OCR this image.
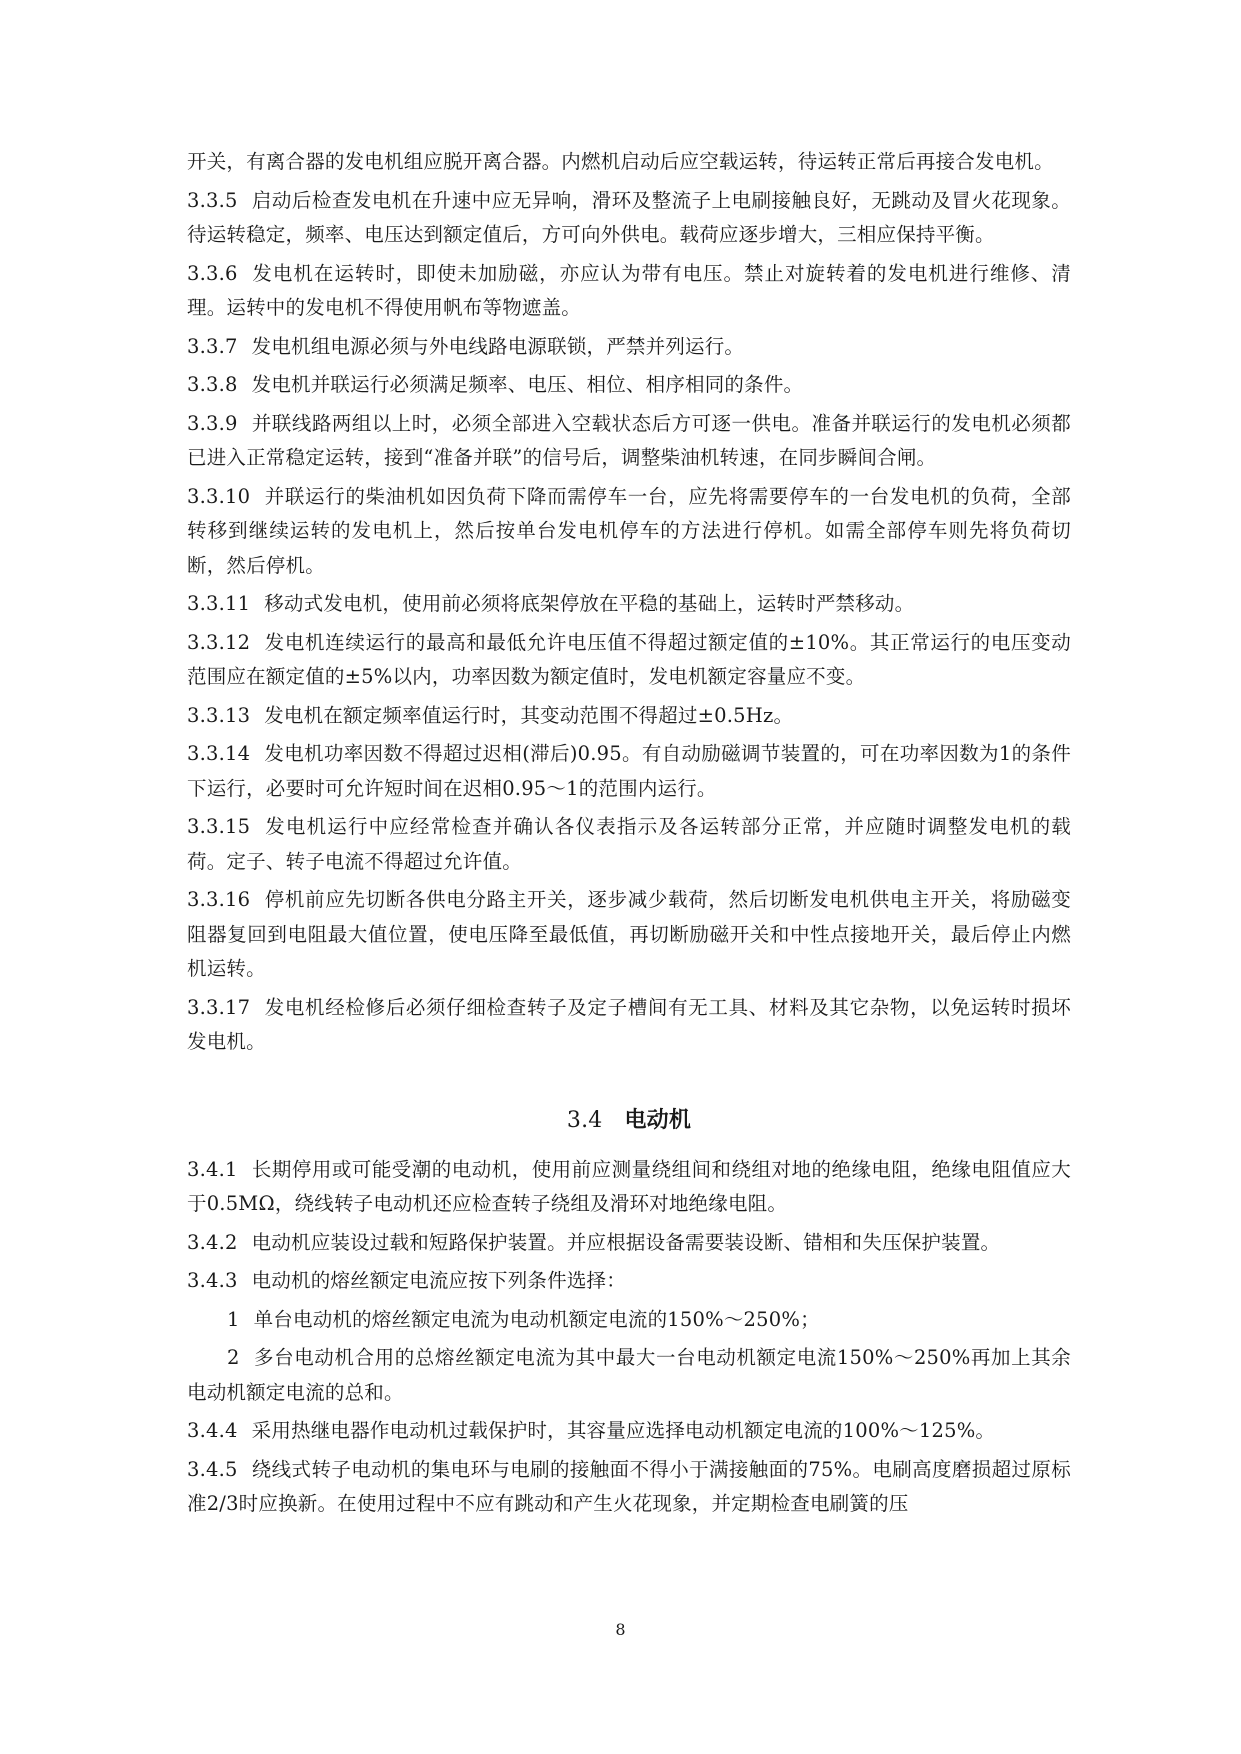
开关，有离合器的发电机组应脱开离合器。内燃机启动后应空载运转，待运转正常后再接合发电机。

3.3.5 启动后检查发电机在升速中应无异响，滑环及整流子上电刷接触良好，无跳动及冒火花现象。待运转稳定，频率、电压达到额定值后，方可向外供电。载荷应逐步增大，三相应保持平衡。

3.3.6 发电机在运转时，即使未加励磁，亦应认为带有电压。禁止对旋转着的发电机进行维修、清理。运转中的发电机不得使用帆布等物遮盖。

3.3.7 发电机组电源必须与外电线路电源联锁，严禁并列运行。

3.3.8 发电机并联运行必须满足频率、电压、相位、相序相同的条件。

3.3.9 并联线路两组以上时，必须全部进入空载状态后方可逐一供电。准备并联运行的发电机必须都已进入正常稳定运转，接到“准备并联”的信号后，调整柴油机转速，在同步瞬间合闸。

3.3.10 并联运行的柴油机如因负荷下降而需停车一台，应先将需要停车的一台发电机的负荷，全部转移到继续运转的发电机上，然后按单台发电机停车的方法进行停机。如需全部停车则先将负荷切断，然后停机。

3.3.11 移动式发电机，使用前必须将底架停放在平稳的基础上，运转时严禁移动。

3.3.12 发电机连续运行的最高和最低允许电压值不得超过额定值的±10%。其正常运行的电压变动范围应在额定值的±5%以内，功率因数为额定值时，发电机额定容量应不变。

3.3.13 发电机在额定频率值运行时，其变动范围不得超过±0.5Hz。

3.3.14 发电机功率因数不得超过迟相(滞后)0.95。有自动励磁调节装置的，可在功率因数为1的条件下运行，必要时可允许短时间在迟相0.95～1的范围内运行。

3.3.15 发电机运行中应经常检查并确认各仪表指示及各运转部分正常，并应随时调整发电机的载荷。定子、转子电流不得超过允许值。

3.3.16 停机前应先切断各供电分路主开关，逐步减少载荷，然后切断发电机供电主开关，将励磁变阻器复回到电阻最大值位置，使电压降至最低值，再切断励磁开关和中性点接地开关，最后停止内燃机运转。

3.3.17 发电机经检修后必须仔细检查转子及定子槽间有无工具、材料及其它杂物，以免运转时损坏发电机。

3.4 电动机

3.4.1 长期停用或可能受潮的电动机，使用前应测量绕组间和绕组对地的绝缘电阻，绝缘电阻值应大于0.5MΩ，绕线转子电动机还应检查转子绕组及滑环对地绝缘电阻。

3.4.2 电动机应装设过载和短路保护装置。并应根据设备需要装设断、错相和失压保护装置。

3.4.3 电动机的熔丝额定电流应按下列条件选择：

1 单台电动机的熔丝额定电流为电动机额定电流的150%～250%；

2 多台电动机合用的总熔丝额定电流为其中最大一台电动机额定电流150%～250%再加上其余电动机额定电流的总和。

3.4.4 采用热继电器作电动机过载保护时，其容量应选择电动机额定电流的100%～125%。

3.4.5 绕线式转子电动机的集电环与电刷的接触面不得小于满接触面的75%。电刷高度磨损超过原标准2/3时应换新。在使用过程中不应有跳动和产生火花现象，并定期检查电刷簧的压

8
